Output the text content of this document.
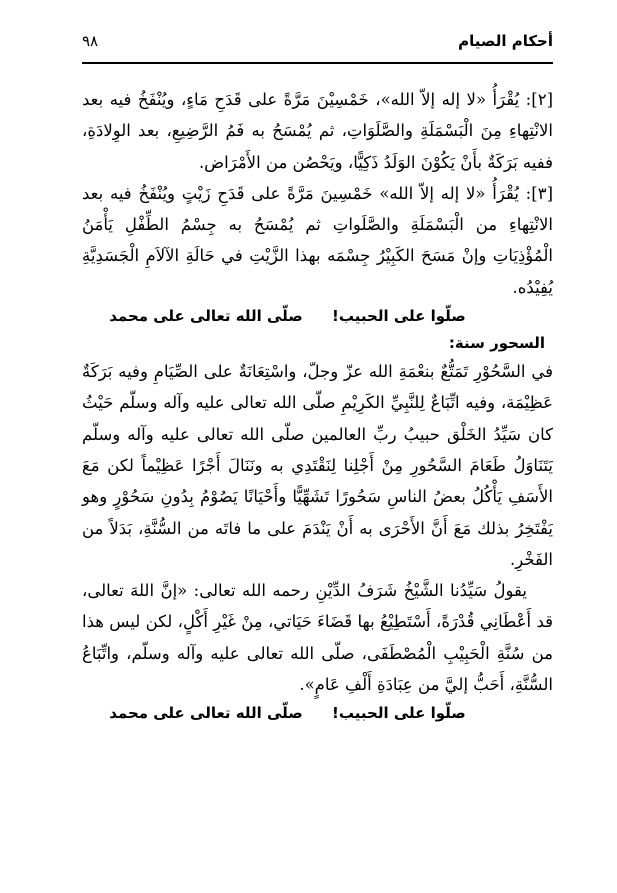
أحكام الصيام
٩٨

[٢]: يُقْرَأُ «لا إله إلاّ الله»، خَمْسِيْنَ مَرَّةً على قَدَحِ مَاءٍ، ويُنْفَخُ فيه بعد الانْتِهاءِ مِنَ الْبَسْمَلَةِ والصَّلَوَاتِ، ثم يُمْسَحُ به فَمُ الرَّضِيعِ، بعد الوِلادَةِ، ففيه بَرَكَةٌ بأَنْ يَكُوْنَ الوَلَدُ ذَكِيًّا، ويَحْصُن من الأَمْرَاض.

[٣]: يُقْرَأُ «لا إله إلاّ الله» خَمْسِينَ مَرَّةً على قَدَحِ زَيْتٍ ويُنْفَخُ فيه بعد الانْتِهاءِ من الْبَسْمَلَةِ والصَّلَواتِ ثم يُمْسَحُ به جِسْمُ الطِّفْلِ يَأْمَنُ الْمُؤْذِيَاتِ وإنْ مَسَحَ الكَبِيْرُ جِسْمَه بهذا الزَّيْتِ في حَالَةِ الآلاَمِ الْجَسَدِيَّةِ يُفِيْدُه.

صلّوا على الحبيب! صلّى الله تعالى على محمد

السحور سنة:

في السَّحُوْرِ تَمَتُّعٌ بنعْمَةِ الله عزّ وجلّ، واسْتِعَانَةٌ على الصِّيَامِ وفيه بَرَكَةٌ عَظِيْمَة، وفيه اتِّبَاعٌ لِلنَّبِيِّ الكَرِيْمِ صلّى الله تعالى عليه وآله وسلّم حَيْثُ كان سَيِّدُ الخَلْق حبيبُ ربِّ العالمين صلّى الله تعالى عليه وآله وسلّم يَتَنَاوَلُ طَعَامَ السَّحُورِ مِنْ أَجْلِنا لِنَقْتَدِي به ونَنَالَ أَجْرًا عَظِيْماً لكن مَعَ الأَسَفِ يَأْكُلُ بعضُ الناسِ سَحُورًا تَشَهِّيًّا وأَحْيَانًا يَصُوْمُ بِدُونِ سَحُوْرٍ وهو يَفْتَخِرُ بذلك مَعَ أَنَّ الأَحْرَى به أَنْ يَنْدَمَ على ما فاتَه من السُّنَّةِ، بَدَلاً من الفَخْرِ.

يقولُ سَيِّدُنا الشَّيْخُ شَرَفُ الدِّيْنِ رحمه الله تعالى: «إنَّ اللهَ تعالى، قد أَعْطَانِي قُدْرَةً، أَسْتَطِيْعُ بها قَضَاءَ حَيَاتي، مِنْ غَيْرِ أَكْلٍ، لكن ليس هذا من سُنَّةِ الْحَبِيْبِ الْمُصْطَفَى، صلّى الله تعالى عليه وآله وسلّم، واتِّبَاعُ السُّنَّةِ، أَحَبُّ إليَّ من عِبَادَةِ أَلْفِ عَامٍ».

صلّوا على الحبيب! صلّى الله تعالى على محمد
